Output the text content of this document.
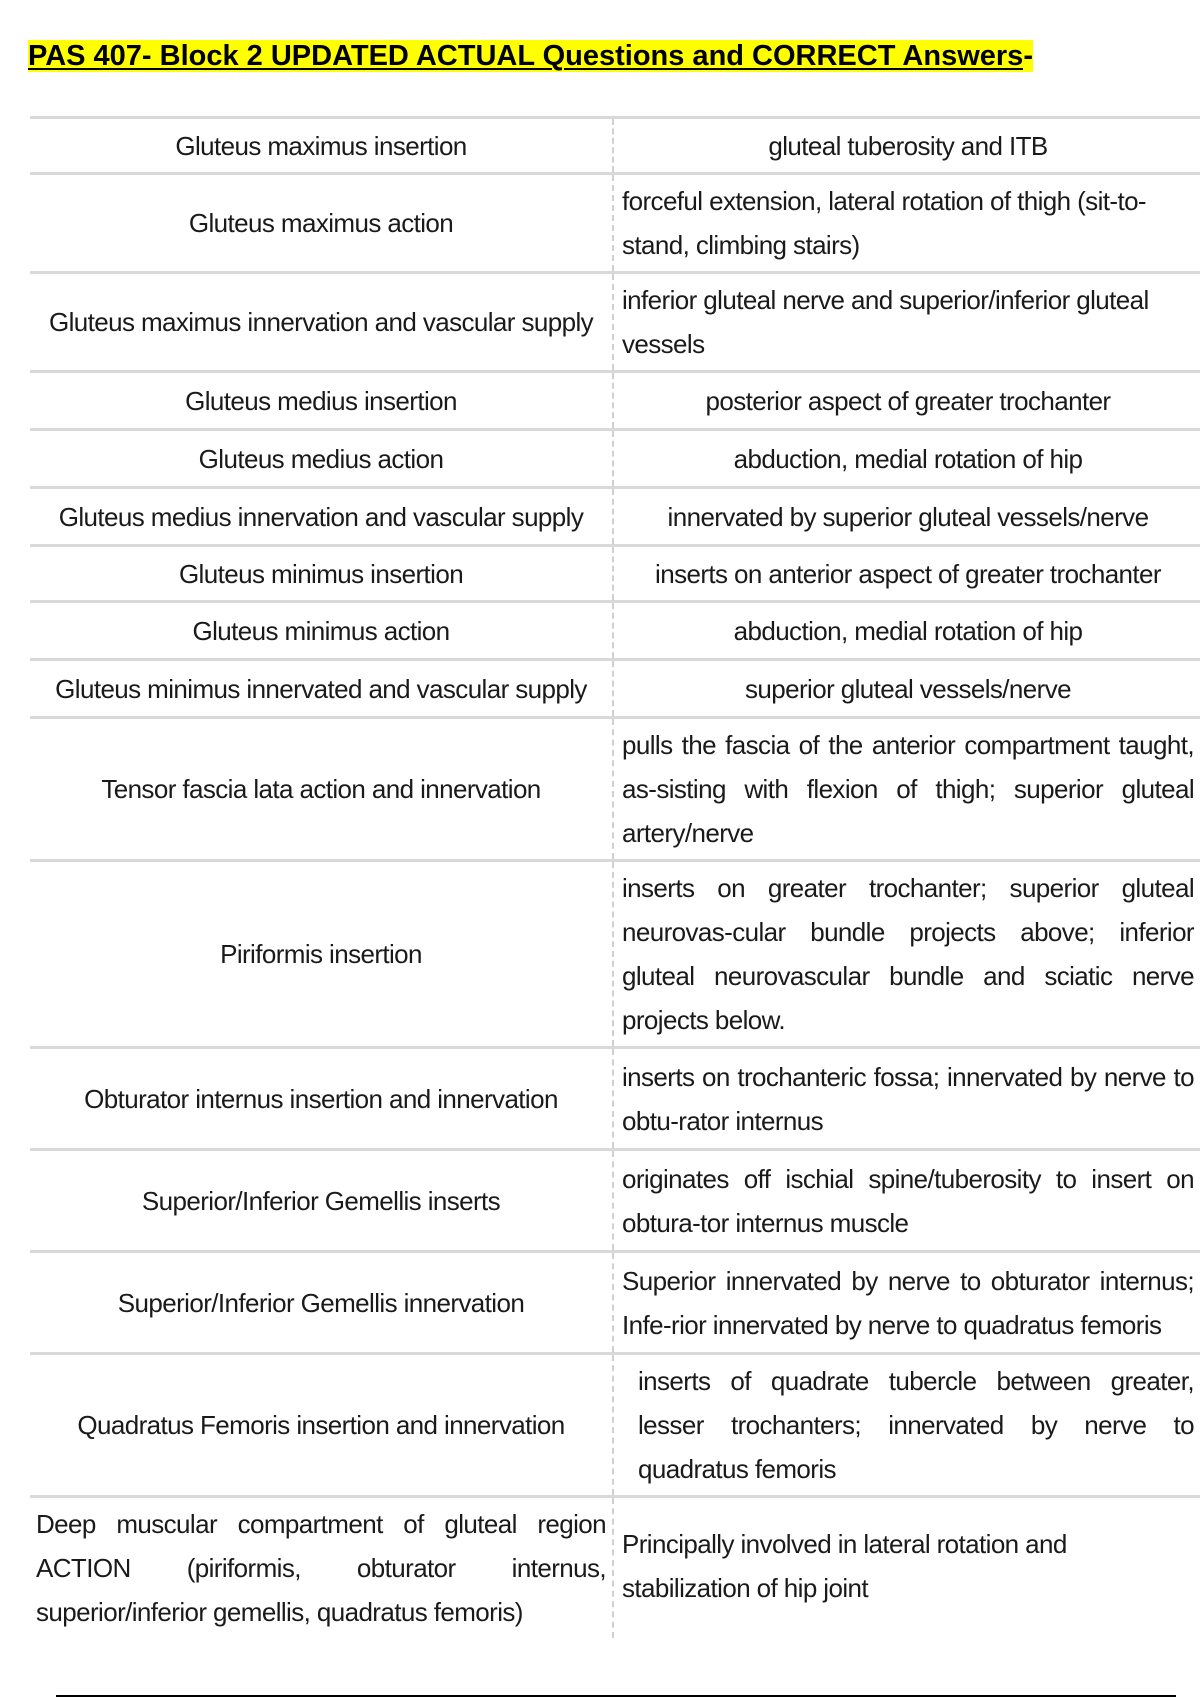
PAS 407- Block 2 UPDATED ACTUAL Questions and CORRECT Answers-
Gluteus maximus insertion	gluteal tuberosity and ITB
Gluteus maximus action	forceful extension, lateral rotation of thigh (sit-to-stand, climbing stairs)
Gluteus maximus innervation and vascular supply	inferior gluteal nerve and superior/inferior gluteal vessels
Gluteus medius insertion	posterior aspect of greater trochanter
Gluteus medius action	abduction, medial rotation of hip
Gluteus medius innervation and vascular supply	innervated by superior gluteal vessels/nerve
Gluteus minimus insertion	inserts on anterior aspect of greater trochanter
Gluteus minimus action	abduction, medial rotation of hip
Gluteus minimus innervated and vascular supply	superior gluteal vessels/nerve
Tensor fascia lata action and innervation	pulls the fascia of the anterior compartment taught, as-sisting with flexion of thigh; superior gluteal artery/nerve
Piriformis insertion	inserts on greater trochanter; superior gluteal neurovas-cular bundle projects above; inferior gluteal neurovascular bundle and sciatic nerve projects below.
Obturator internus insertion and innervation	inserts on trochanteric fossa; innervated by nerve to obtu-rator internus
Superior/Inferior Gemellis inserts	originates off ischial spine/tuberosity to insert on obtura-tor internus muscle
Superior/Inferior Gemellis innervation	Superior innervated by nerve to obturator internus; Infe-rior innervated by nerve to quadratus femoris
Quadratus Femoris insertion and innervation	inserts of quadrate tubercle between greater, lesser trochanters; innervated by nerve to quadratus femoris
Deep muscular compartment of gluteal region ACTION (piriformis, obturator internus, superior/inferior gemellis, quadratus femoris)	Principally involved in lateral rotation and stabilization of hip joint
